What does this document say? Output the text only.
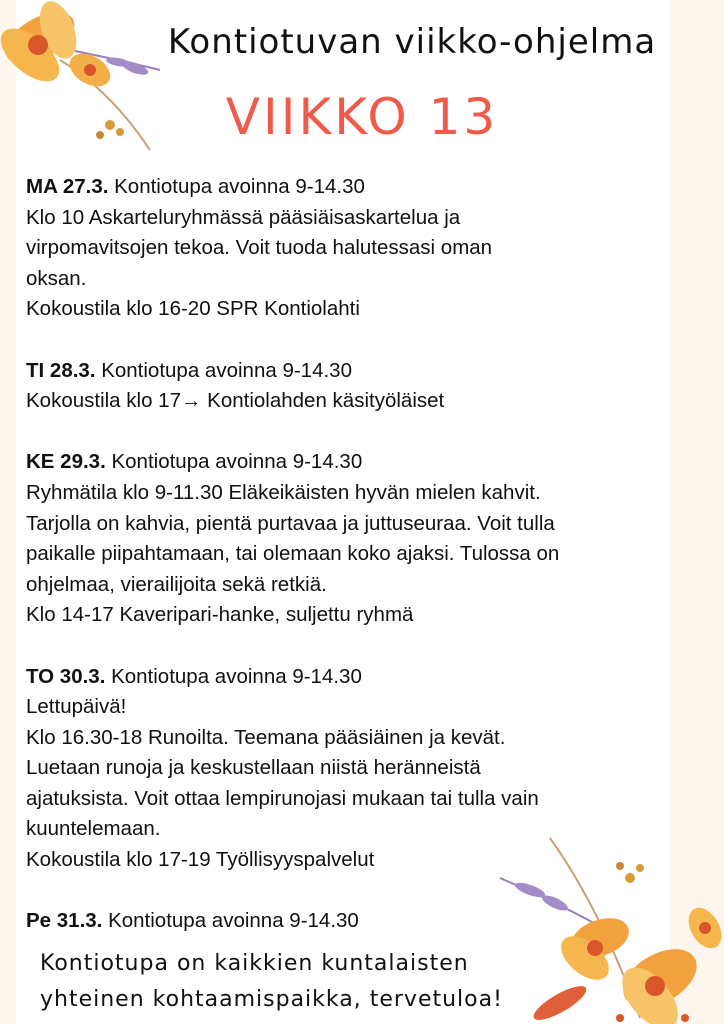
Kontiotuvan viikko-ohjelma
VIIKKO 13
MA 27.3. Kontiotupa avoinna 9-14.30
Klo 10 Askarteluryhmässä pääsiäisaskartelua ja
virpomavitsojen tekoa. Voit tuoda halutessasi oman
oksan.
Kokoustila klo 16-20 SPR Kontiolahti
TI 28.3. Kontiotupa avoinna 9-14.30
Kokoustila klo 17→ Kontiolahden käsityöläiset
KE 29.3. Kontiotupa avoinna 9-14.30
Ryhmätila klo 9-11.30 Eläkeikäisten hyvän mielen kahvit.
Tarjolla on kahvia, pientä purtavaa ja juttuseuraa. Voit tulla
paikalle piipahtamaan, tai olemaan koko ajaksi. Tulossa on
ohjelmaa, vierailijoita sekä retkiä.
Klo 14-17 Kaveripari-hanke, suljettu ryhmä
TO 30.3. Kontiotupa avoinna 9-14.30
Lettupäivä!
Klo 16.30-18 Runoilta. Teemana pääsiäinen ja kevät.
Luetaan runoja ja keskustellaan niistä heränneistä
ajatuksista. Voit ottaa lempirunojasi mukaan tai tulla vain
kuuntelemaan.
Kokoustila klo 17-19 Työllisyyspalvelut
Pe 31.3. Kontiotupa avoinna 9-14.30
Kontiotupa on kaikkien kuntalaisten
yhteinen kohtaamispaikka, tervetuloa!
